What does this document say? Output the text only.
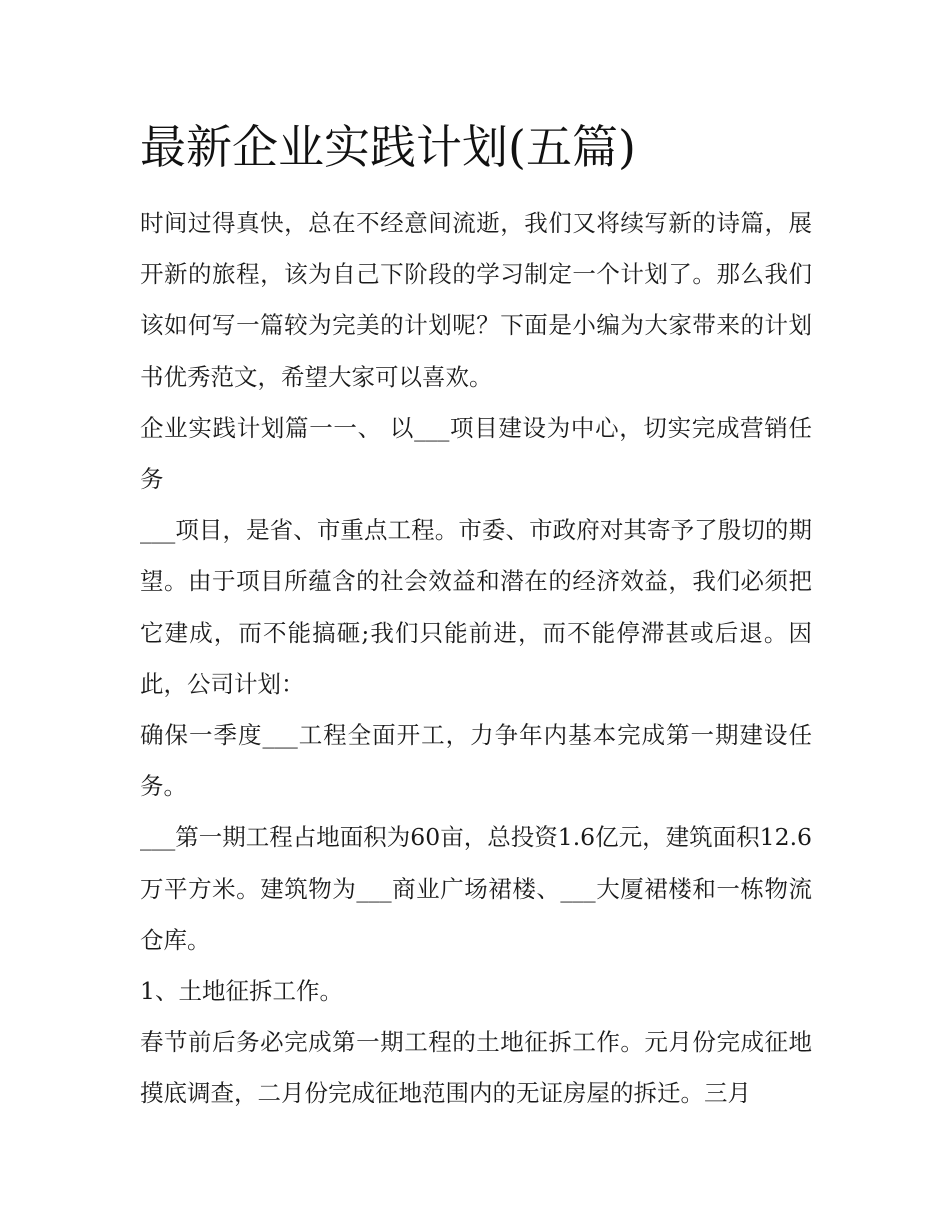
最新企业实践计划(五篇)

时间过得真快，总在不经意间流逝，我们又将续写新的诗篇，展开新的旅程，该为自己下阶段的学习制定一个计划了。那么我们该如何写一篇较为完美的计划呢？下面是小编为大家带来的计划书优秀范文，希望大家可以喜欢。

企业实践计划篇一一、 以___项目建设为中心，切实完成营销任务

___项目，是省、市重点工程。市委、市政府对其寄予了殷切的期望。由于项目所蕴含的社会效益和潜在的经济效益，我们必须把它建成，而不能搞砸;我们只能前进，而不能停滞甚或后退。因此，公司计划：

确保一季度___工程全面开工，力争年内基本完成第一期建设任务。

___第一期工程占地面积为60亩，总投资1.6亿元，建筑面积12.6万平方米。建筑物为___商业广场裙楼、___大厦裙楼和一栋物流仓库。

1、土地征拆工作。

春节前后务必完成第一期工程的土地征拆工作。元月份完成征地摸底调查，二月份完成征地范围内的无证房屋的拆迁。三月
